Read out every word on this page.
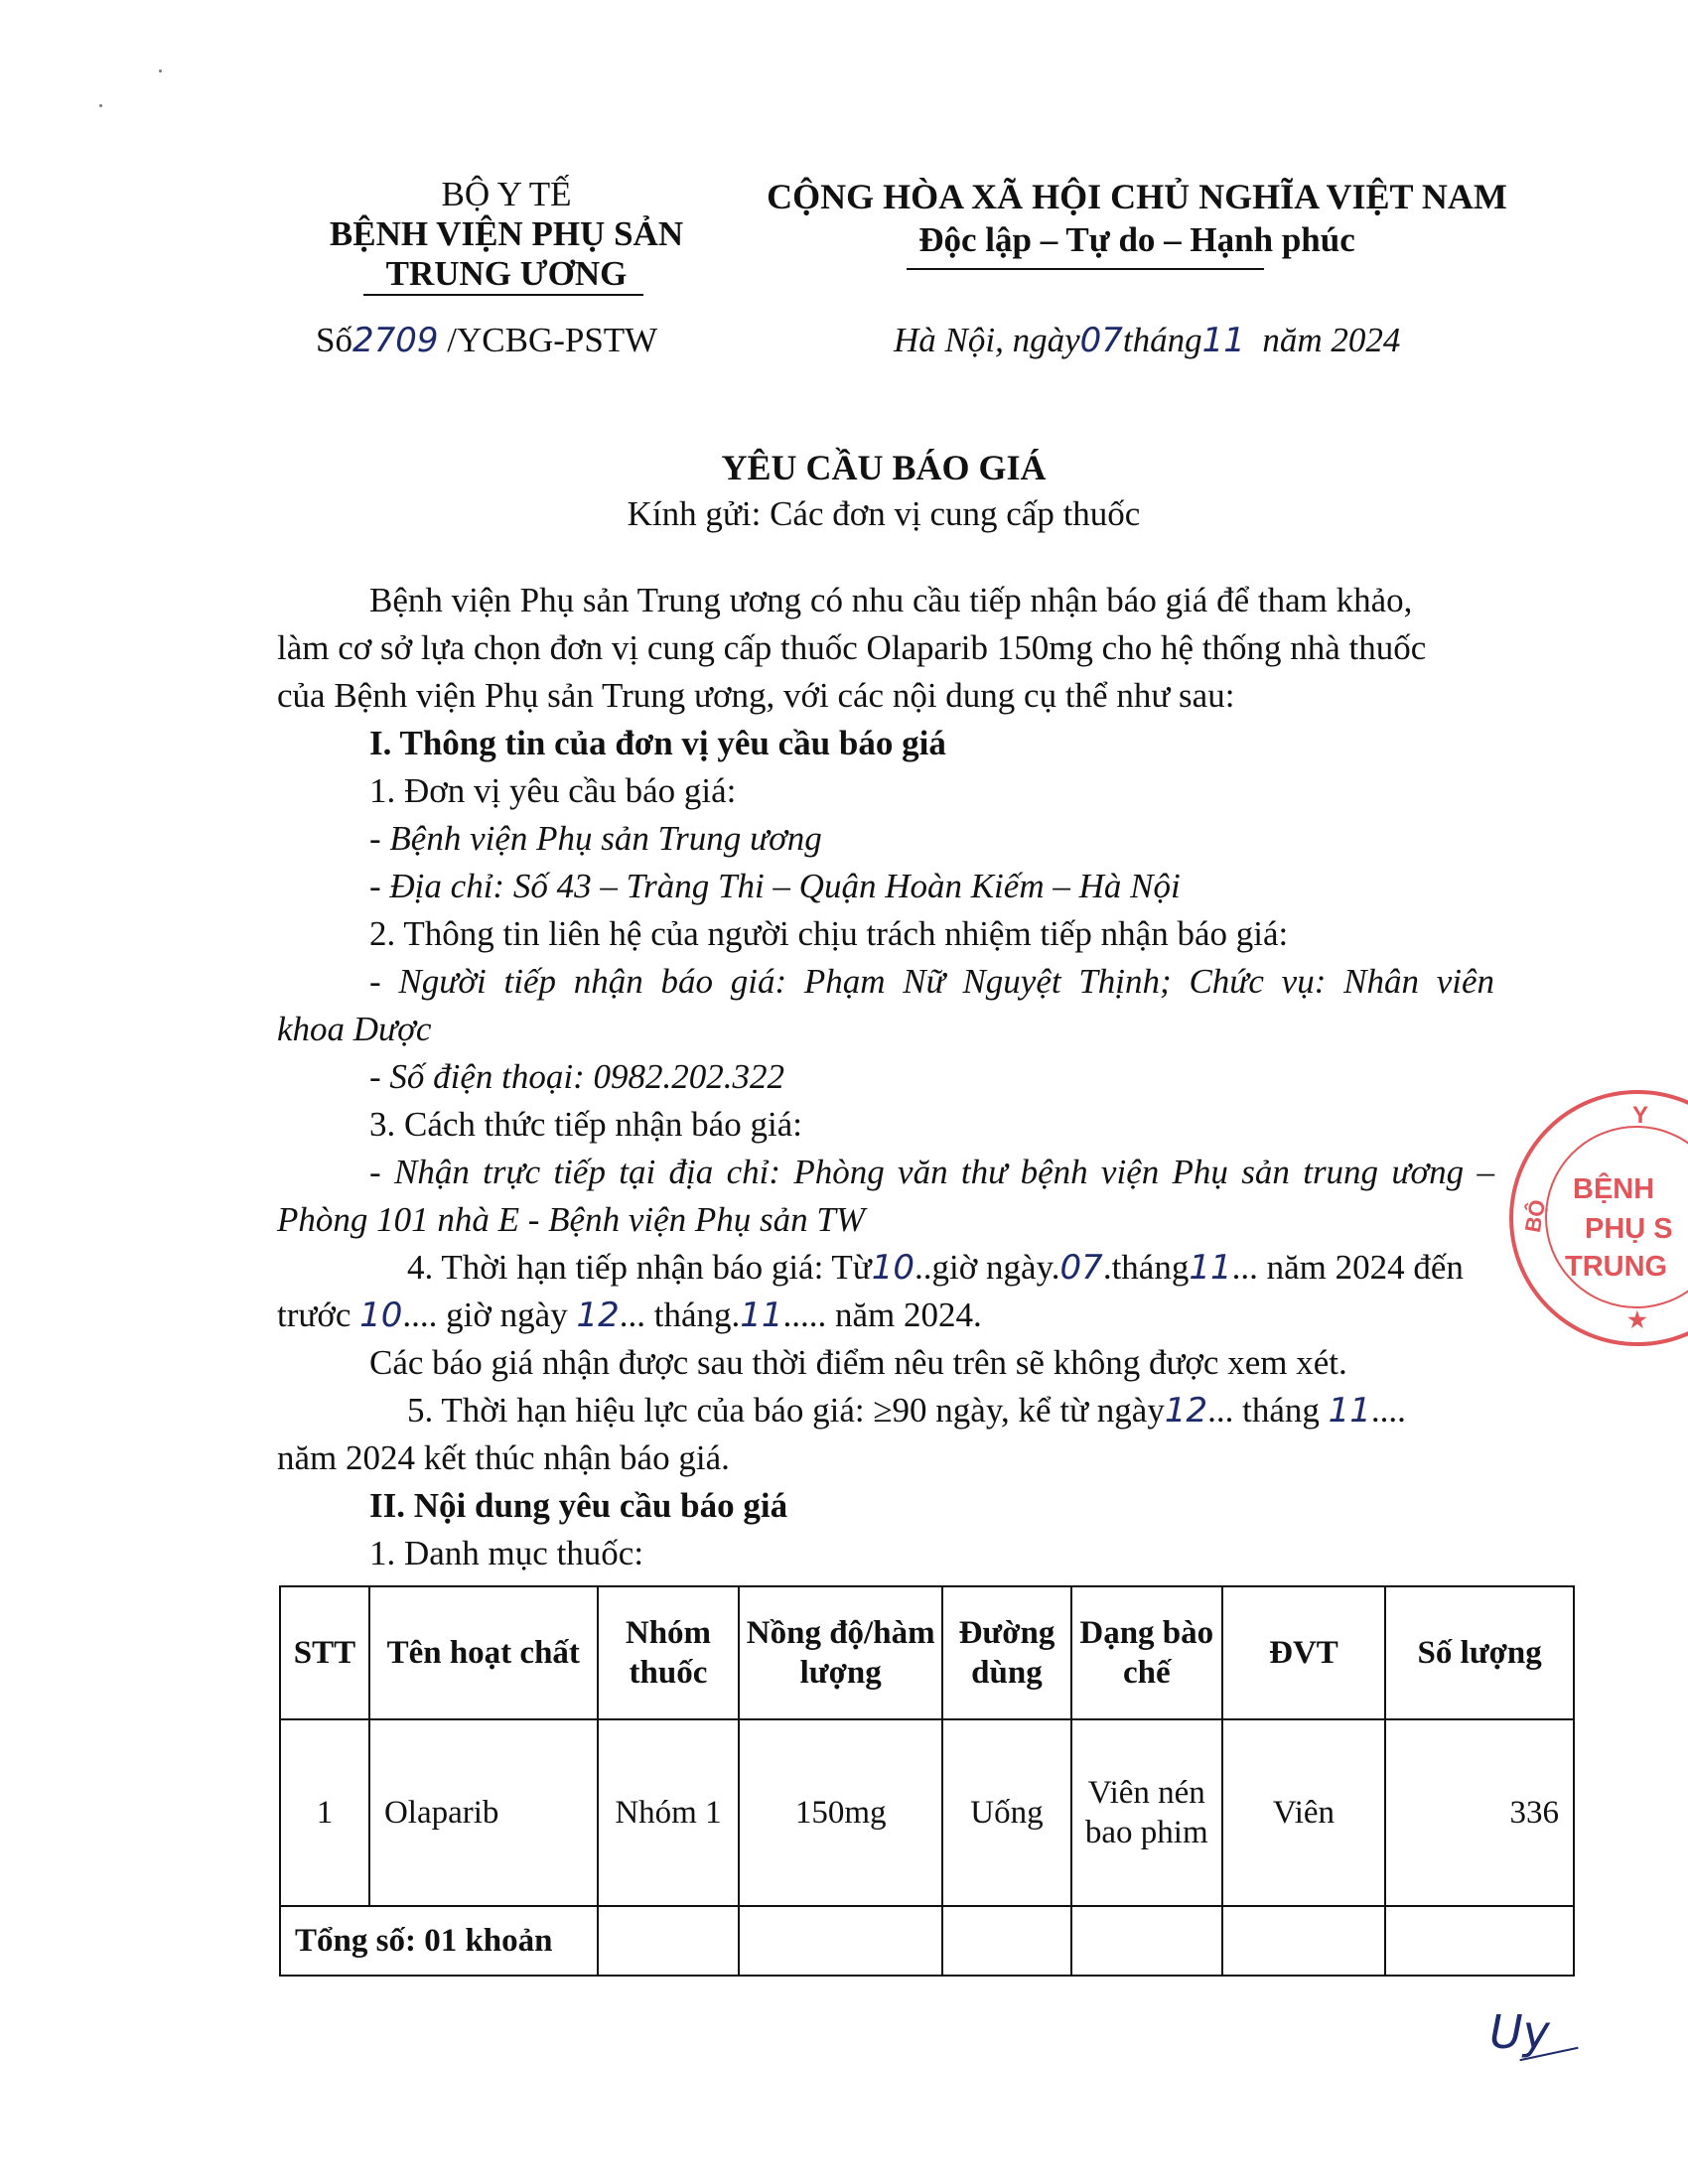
BỘ Y TẾ
BỆNH VIỆN PHỤ SẢN
TRUNG ƯƠNG
Số2709 /YCBG-PSTW
CỘNG HÒA XÃ HỘI CHỦ NGHĨA VIỆT NAM
Độc lập – Tự do – Hạnh phúc
Hà Nội, ngày07tháng11 năm 2024
YÊU CẦU BÁO GIÁ
Kính gửi: Các đơn vị cung cấp thuốc
Bệnh viện Phụ sản Trung ương có nhu cầu tiếp nhận báo giá để tham khảo,
làm cơ sở lựa chọn đơn vị cung cấp thuốc Olaparib 150mg cho hệ thống nhà thuốc
của Bệnh viện Phụ sản Trung ương, với các nội dung cụ thể như sau:
I. Thông tin của đơn vị yêu cầu báo giá
1. Đơn vị yêu cầu báo giá:
- Bệnh viện Phụ sản Trung ương
- Địa chỉ: Số 43 – Tràng Thi – Quận Hoàn Kiếm – Hà Nội
2. Thông tin liên hệ của người chịu trách nhiệm tiếp nhận báo giá:
- Người tiếp nhận báo giá: Phạm Nữ Nguyệt Thịnh; Chức vụ: Nhân viên
khoa Dược
- Số điện thoại: 0982.202.322
3. Cách thức tiếp nhận báo giá:
- Nhận trực tiếp tại địa chỉ: Phòng văn thư bệnh viện Phụ sản trung ương –
Phòng 101 nhà E - Bệnh viện Phụ sản TW
4. Thời hạn tiếp nhận báo giá: Từ10..giờ ngày.07.tháng11... năm 2024 đến
trước 10.... giờ ngày 12... tháng.11..... năm 2024.
Các báo giá nhận được sau thời điểm nêu trên sẽ không được xem xét.
5. Thời hạn hiệu lực của báo giá: ≥90 ngày, kể từ ngày12... tháng 11....
năm 2024 kết thúc nhận báo giá.
II. Nội dung yêu cầu báo giá
1. Danh mục thuốc:
STT	Tên hoạt chất	Nhóm thuốc	Nồng độ/hàm lượng	Đường dùng	Dạng bào chế	ĐVT	Số lượng
1	Olaparib	Nhóm 1	150mg	Uống	Viên nén bao phim	Viên	336
Tổng số: 01 khoản							
Y
BỆNH
PHỤ S
TRUNG
BỘ
★
Uy
